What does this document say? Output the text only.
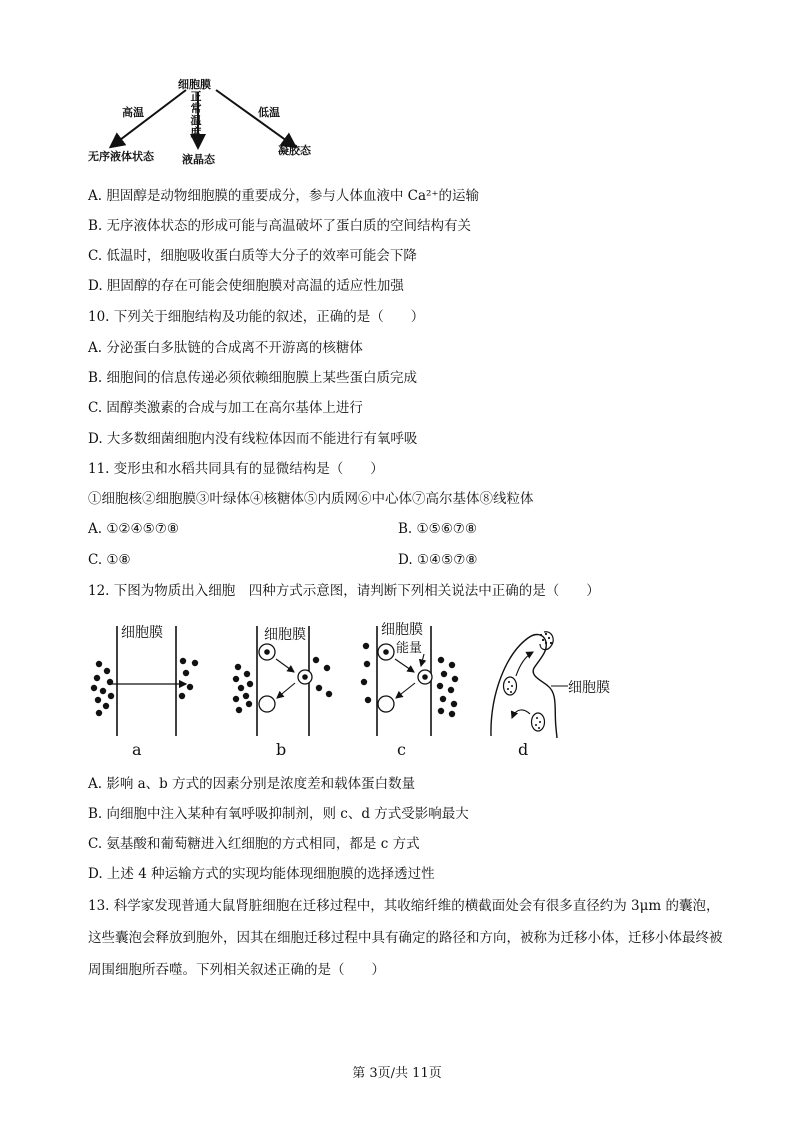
细胞膜
高温
正常温度
低温
无序液体状态	液晶态
凝胶态
A. 胆固醇是动物细胞膜的重要成分，参与人体血液中 Ca²⁺的运输
B. 无序液体状态的形成可能与高温破坏了蛋白质的空间结构有关
C. 低温时，细胞吸收蛋白质等大分子的效率可能会下降
D. 胆固醇的存在可能会使细胞膜对高温的适应性加强
10. 下列关于细胞结构及功能的叙述，正确的是（　　）
A. 分泌蛋白多肽链的合成离不开游离的核糖体
B. 细胞间的信息传递必须依赖细胞膜上某些蛋白质完成
C. 固醇类激素的合成与加工在高尔基体上进行
D. 大多数细菌细胞内没有线粒体因而不能进行有氧呼吸
11. 变形虫和水稻共同具有的显微结构是（　　）
①细胞核②细胞膜③叶绿体④核糖体⑤内质网⑥中心体⑦高尔基体⑧线粒体
A. ①②④⑤⑦⑧	B. ①⑤⑥⑦⑧
C. ①⑧	D. ①④⑤⑦⑧
12. 下图为物质出入细胞　四种方式示意图，请判断下列相关说法中正确的是（　　）
细胞膜	细胞膜	细胞膜
能量
细胞膜
a	b	c	d
A. 影响 a、b 方式的因素分别是浓度差和载体蛋白数量
B. 向细胞中注入某种有氧呼吸抑制剂，则 c、d 方式受影响最大
C. 氨基酸和葡萄糖进入红细胞的方式相同，都是 c 方式
D. 上述 4 种运输方式的实现均能体现细胞膜的选择透过性
13. 科学家发现普通大鼠肾脏细胞在迁移过程中，其收缩纤维的横截面处会有很多直径约为 3μm 的囊泡，这些囊泡会释放到胞外，因其在细胞迁移过程中具有确定的路径和方向，被称为迁移小体，迁移小体最终被周围细胞所吞噬。下列相关叙述正确的是（　　）
第 3页/共 11页
